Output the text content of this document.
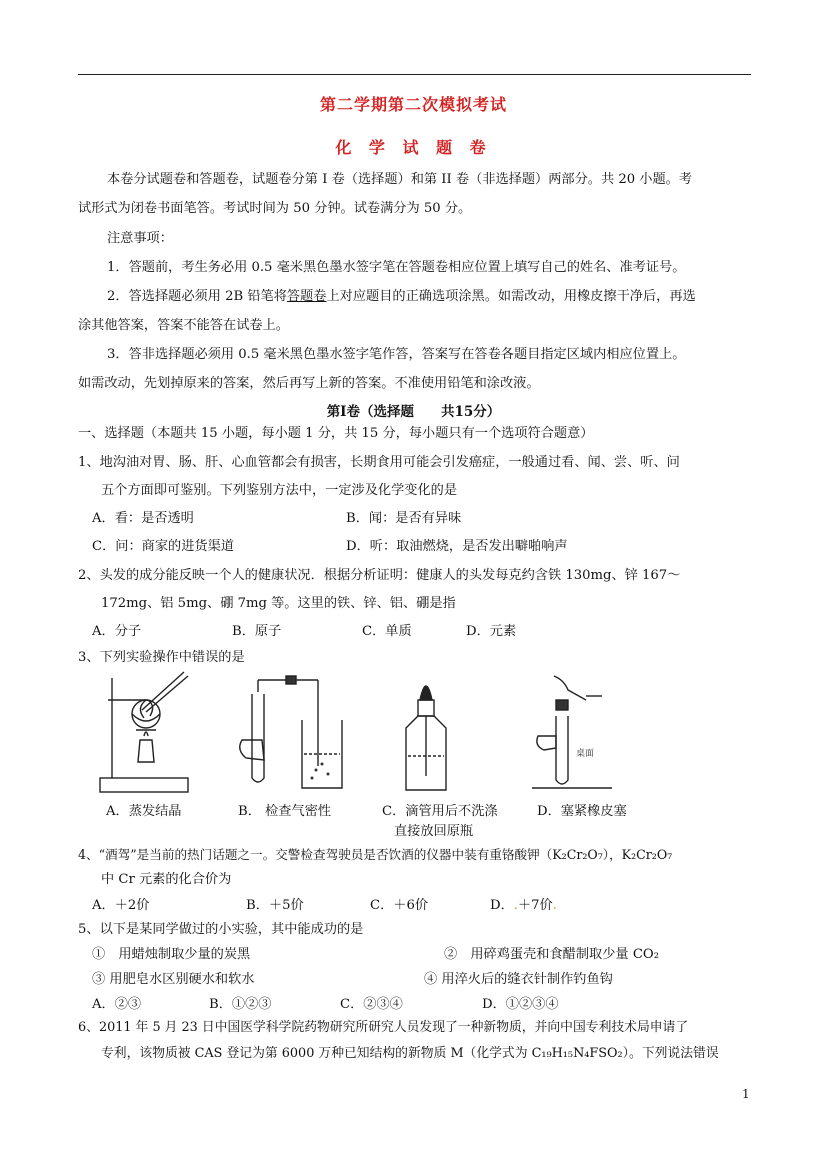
第二学期第二次模拟考试
化 学 试 题 卷
本卷分试题卷和答题卷，试题卷分第 I 卷（选择题）和第 II 卷（非选择题）两部分。共 20 小题。考
试形式为闭卷书面笔答。考试时间为 50 分钟。试卷满分为 50 分。
注意事项：
1．答题前，考生务必用 0.5 毫米黑色墨水签字笔在答题卷相应位置上填写自己的姓名、准考证号。
2．答选择题必须用 2B 铅笔将答题卷上对应题目的正确选项涂黑。如需改动，用橡皮擦干净后，再选
涂其他答案，答案不能答在试卷上。
3．答非选择题必须用 0.5 毫米黑色墨水签字笔作答，答案写在答卷各题目指定区域内相应位置上。
如需改动，先划掉原来的答案，然后再写上新的答案。不准使用铅笔和涂改液。
第Ⅰ卷（选择题　　共15分）
一、选择题（本题共 15 小题，每小题 1 分，共 15 分，每小题只有一个选项符合题意）
1、地沟油对胃、肠、肝、心血管都会有损害，长期食用可能会引发癌症，一般通过看、闻、尝、听、问
五个方面即可鉴别。下列鉴别方法中，一定涉及化学变化的是
A．看：是否透明	B．闻：是否有异味
C．问：商家的进货渠道	D．听：取油燃烧，是否发出噼啪响声
2、头发的成分能反映一个人的健康状况．根据分析证明：健康人的头发每克约含铁 130mg、锌 167～
172mg、铝 5mg、硼 7mg 等。这里的铁、锌、铝、硼是指
A．分子	B．原子	C．单质	D．元素
3、下列实验操作中错误的是
桌面
A．蒸发结晶	B． 检查气密性	C．滴管用后不洗涤
直接放回原瓶
D．塞紧橡皮塞
4、“酒驾”是当前的热门话题之一。交警检查驾驶员是否饮酒的仪器中装有重铬酸钾（K₂Cr₂O₇），K₂Cr₂O₇
中 Cr 元素的化合价为
A．＋2价	B．＋5价	C．＋6价	D．.＋7价.
5、以下是某同学做过的小实验，其中能成功的是
①　用蜡烛制取少量的炭黑	②　用碎鸡蛋壳和食醋制取少量 CO₂
③ 用肥皂水区别硬水和软水	④ 用淬火后的缝衣针制作钓鱼钩
A．②③	B．①②③	C．②③④	D．①②③④
6、2011 年 5 月 23 日中国医学科学院药物研究所研究人员发现了一种新物质，并向中国专利技术局申请了
专利，该物质被 CAS 登记为第 6000 万种已知结构的新物质 M（化学式为 C₁₉H₁₅N₄FSO₂）。下列说法错误
1
